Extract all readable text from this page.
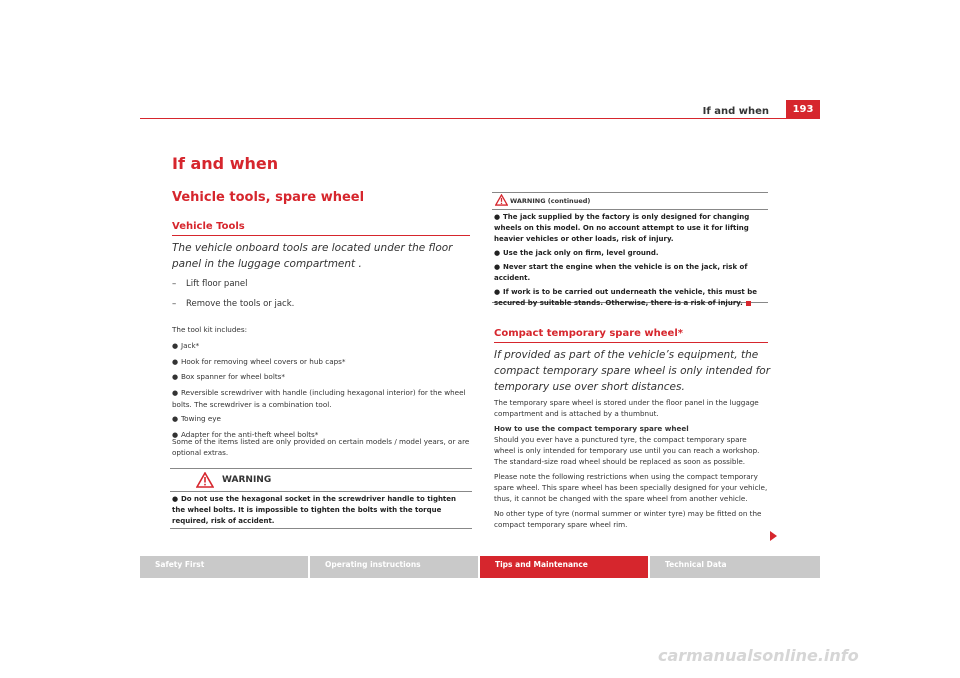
If and when	193
If and when
Vehicle tools, spare wheel
Vehicle Tools
The vehicle onboard tools are located under the floor panel in the luggage compartment .
– Lift floor panel
– Remove the tools or jack.
The tool kit includes:
● Jack*
● Hook for removing wheel covers or hub caps*
● Box spanner for wheel bolts*
● Reversible screwdriver with handle (including hexagonal interior) for the wheel bolts. The screwdriver is a combination tool.
● Towing eye
● Adapter for the anti-theft wheel bolts*
Some of the items listed are only provided on certain models / model years, or are optional extras.
WARNING
● Do not use the hexagonal socket in the screwdriver handle to tighten the wheel bolts. It is impossible to tighten the bolts with the torque required, risk of accident.
WARNING (continued)
● The jack supplied by the factory is only designed for changing wheels on this model. On no account attempt to use it for lifting heavier vehicles or other loads, risk of injury.
● Use the jack only on firm, level ground.
● Never start the engine when the vehicle is on the jack, risk of accident.
● If work is to be carried out underneath the vehicle, this must be secured by suitable stands. Otherwise, there is a risk of injury.
Compact temporary spare wheel*
If provided as part of the vehicle’s equipment, the compact temporary spare wheel is only intended for temporary use over short distances.
The temporary spare wheel is stored under the floor panel in the luggage compartment and is attached by a thumbnut.
How to use the compact temporary spare wheel
Should you ever have a punctured tyre, the compact temporary spare wheel is only intended for temporary use until you can reach a workshop. The standard-size road wheel should be replaced as soon as possible.
Please note the following restrictions when using the compact temporary spare wheel. This spare wheel has been specially designed for your vehicle, thus, it cannot be changed with the spare wheel from another vehicle.
No other type of tyre (normal summer or winter tyre) may be fitted on the compact temporary spare wheel rim.
Safety First	Operating instructions	Tips and Maintenance	Technical Data
carmanualsonline.info
